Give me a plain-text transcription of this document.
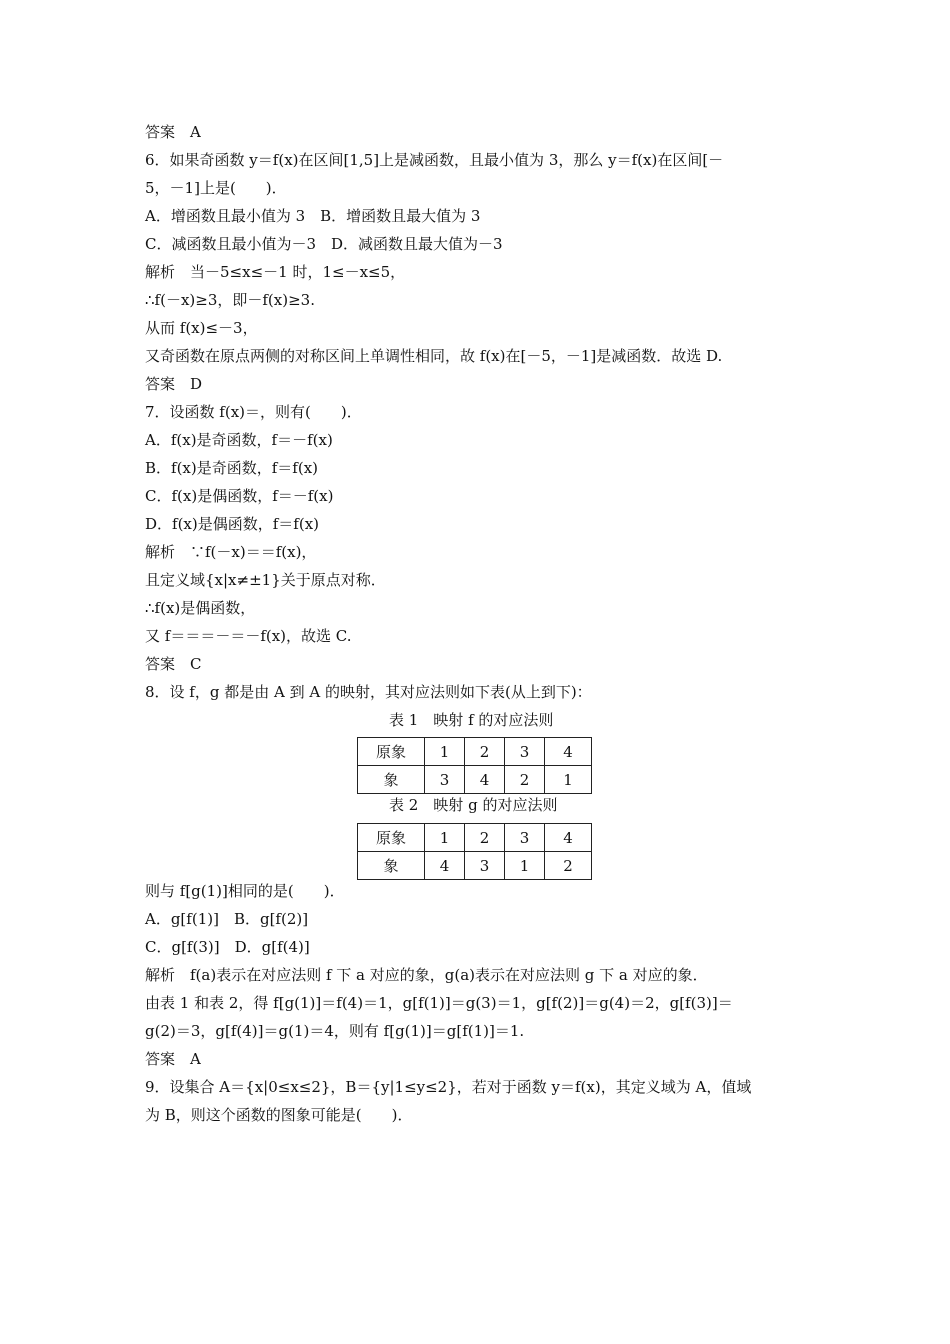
答案　A

6．如果奇函数 y＝f(x)在区间[1,5]上是减函数，且最小值为 3，那么 y＝f(x)在区间[－

5，－1]上是(　　)．

A．增函数且最小值为 3　B．增函数且最大值为 3

C．减函数且最小值为－3　D．减函数且最大值为－3

解析　当－5≤x≤－1 时，1≤－x≤5，

∴f(－x)≥3，即－f(x)≥3.

从而 f(x)≤－3，

又奇函数在原点两侧的对称区间上单调性相同，故 f(x)在[－5，－1]是减函数．故选 D.

答案　D

7．设函数 f(x)＝，则有(　　)．

A．f(x)是奇函数，f＝－f(x)

B．f(x)是奇函数，f＝f(x)

C．f(x)是偶函数，f＝－f(x)

D．f(x)是偶函数，f＝f(x)

解析　∵f(－x)＝＝f(x)，

且定义域{x|x≠±1}关于原点对称．

∴f(x)是偶函数，

又 f＝＝＝－＝－f(x)，故选 C.

答案　C

8．设 f，g 都是由 A 到 A 的映射，其对应法则如下表(从上到下)：

表 1　映射 f 的对应法则

原象	1	2	3	4
象	3	4	2	1

表 2　映射 g 的对应法则

原象	1	2	3	4
象	4	3	1	2

则与 f[g(1)]相同的是(　　)．

A．g[f(1)]　B．g[f(2)]

C．g[f(3)]　D．g[f(4)]

解析　f(a)表示在对应法则 f 下 a 对应的象，g(a)表示在对应法则 g 下 a 对应的象．

由表 1 和表 2，得 f[g(1)]＝f(4)＝1，g[f(1)]＝g(3)＝1，g[f(2)]＝g(4)＝2，g[f(3)]＝

g(2)＝3，g[f(4)]＝g(1)＝4，则有 f[g(1)]＝g[f(1)]＝1.

答案　A

9．设集合 A＝{x|0≤x≤2}，B＝{y|1≤y≤2}，若对于函数 y＝f(x)，其定义域为 A，值域

为 B，则这个函数的图象可能是(　　)．
